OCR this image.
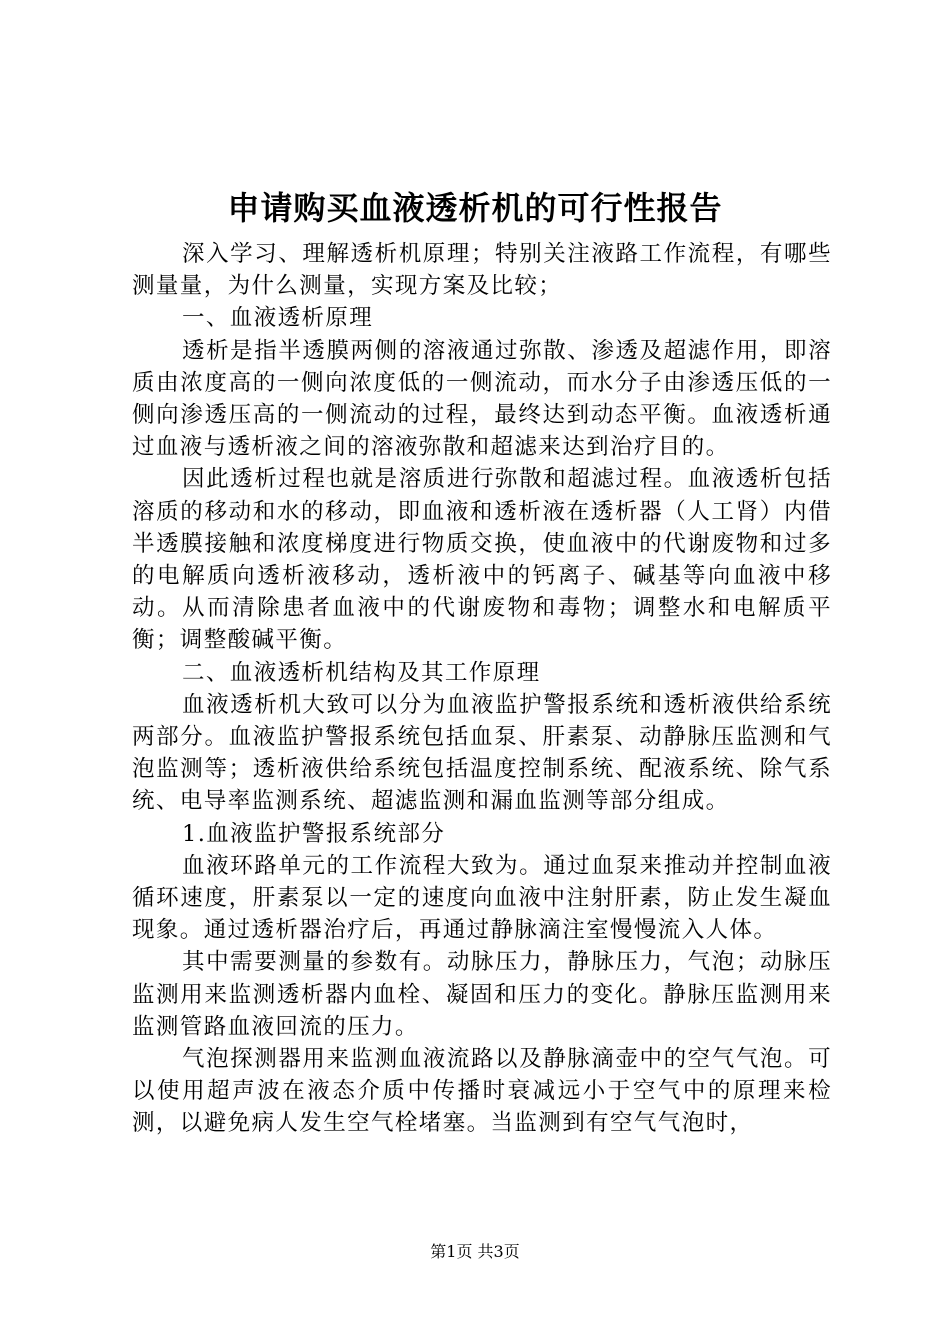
申请购买血液透析机的可行性报告

深入学习、理解透析机原理；特别关注液路工作流程，有哪些测量量，为什么测量，实现方案及比较；

一、血液透析原理

透析是指半透膜两侧的溶液通过弥散、渗透及超滤作用，即溶质由浓度高的一侧向浓度低的一侧流动，而水分子由渗透压低的一侧向渗透压高的一侧流动的过程，最终达到动态平衡。血液透析通过血液与透析液之间的溶液弥散和超滤来达到治疗目的。

因此透析过程也就是溶质进行弥散和超滤过程。血液透析包括溶质的移动和水的移动，即血液和透析液在透析器（人工肾）内借半透膜接触和浓度梯度进行物质交换，使血液中的代谢废物和过多的电解质向透析液移动，透析液中的钙离子、碱基等向血液中移动。从而清除患者血液中的代谢废物和毒物；调整水和电解质平衡；调整酸碱平衡。

二、血液透析机结构及其工作原理

血液透析机大致可以分为血液监护警报系统和透析液供给系统两部分。血液监护警报系统包括血泵、肝素泵、动静脉压监测和气泡监测等；透析液供给系统包括温度控制系统、配液系统、除气系统、电导率监测系统、超滤监测和漏血监测等部分组成。

1.血液监护警报系统部分

血液环路单元的工作流程大致为。通过血泵来推动并控制血液循环速度，肝素泵以一定的速度向血液中注射肝素，防止发生凝血现象。通过透析器治疗后，再通过静脉滴注室慢慢流入人体。

其中需要测量的参数有。动脉压力，静脉压力，气泡；动脉压监测用来监测透析器内血栓、凝固和压力的变化。静脉压监测用来监测管路血液回流的压力。

气泡探测器用来监测血液流路以及静脉滴壶中的空气气泡。可以使用超声波在液态介质中传播时衰减远小于空气中的原理来检测，以避免病人发生空气栓堵塞。当监测到有空气气泡时，

第1页 共3页
